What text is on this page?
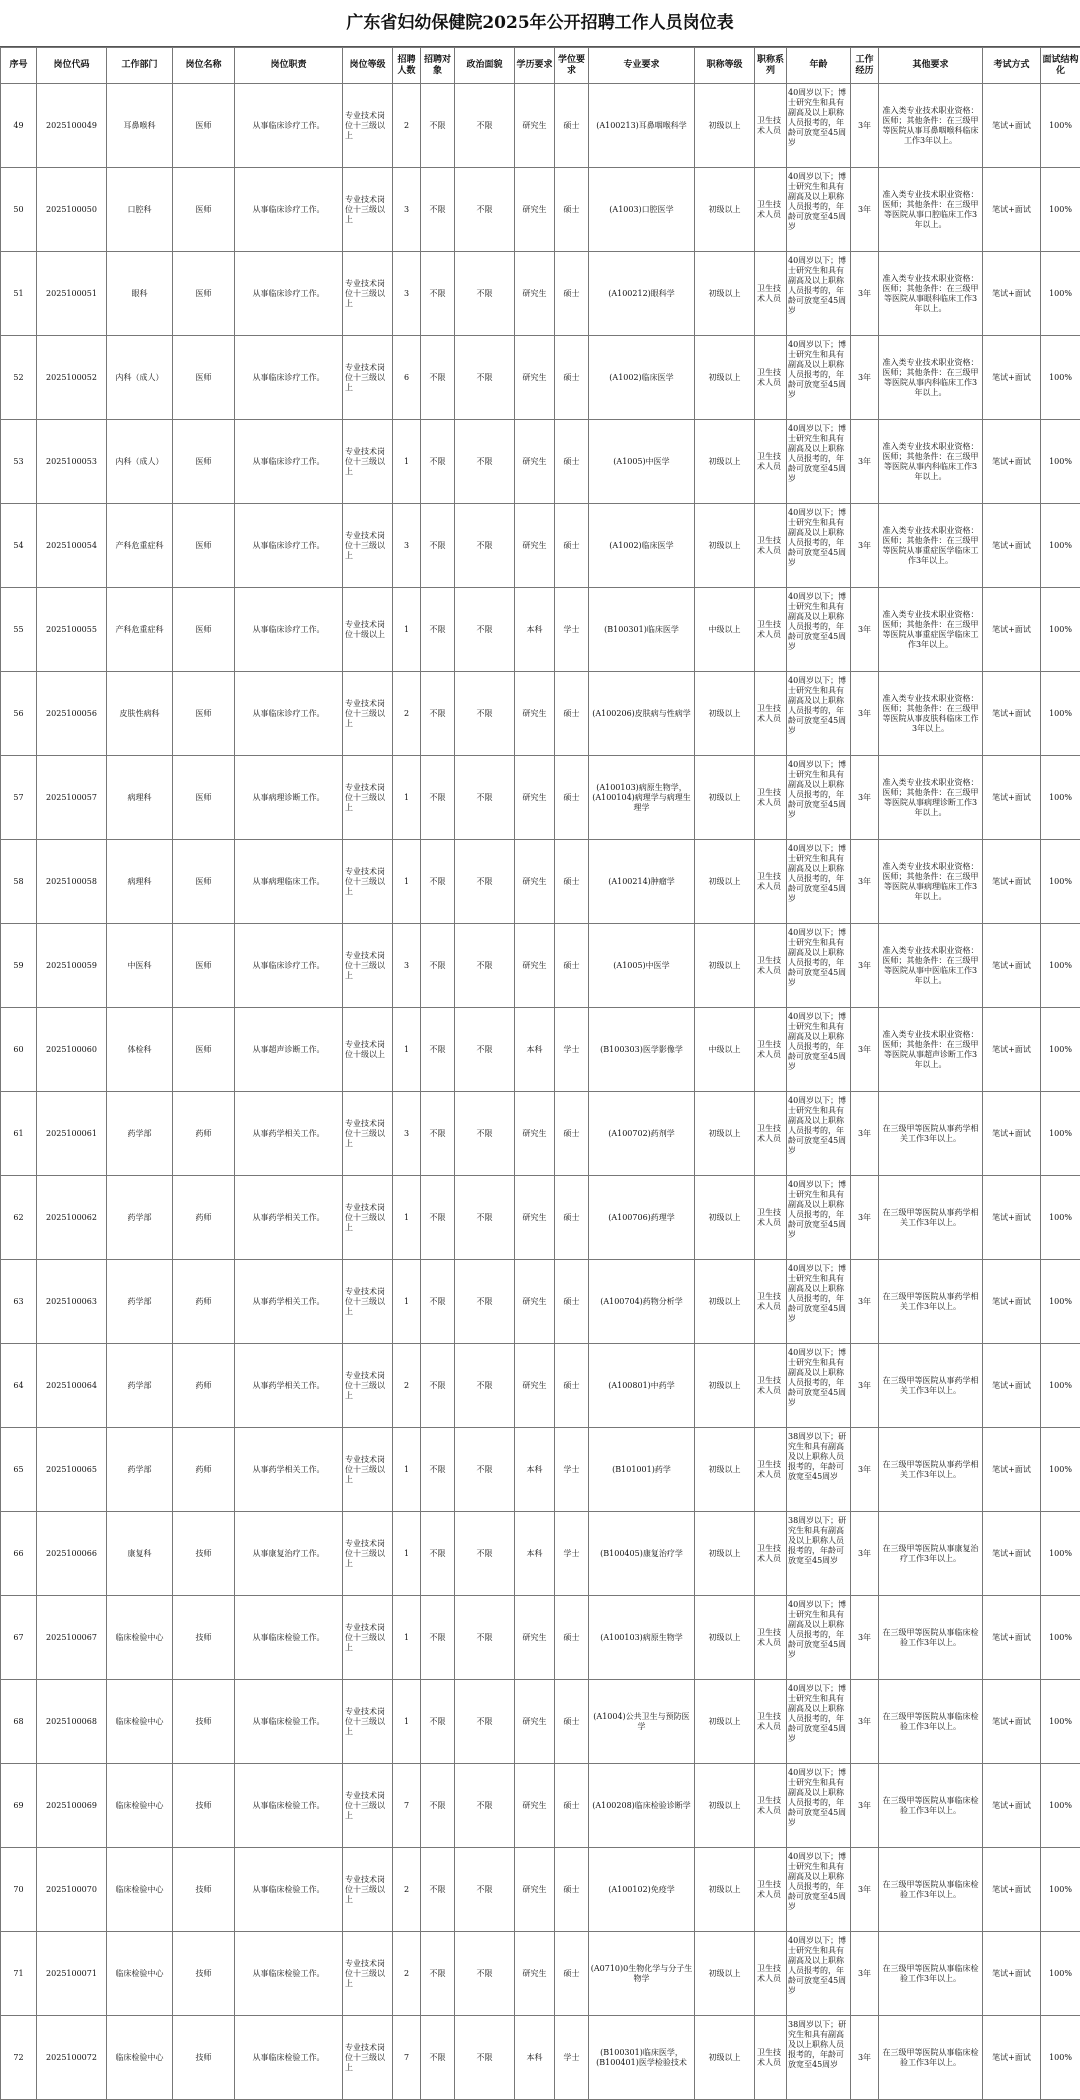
广东省妇幼保健院2025年公开招聘工作人员岗位表
序号	岗位代码	工作部门	岗位名称	岗位职责	岗位等级	招聘人数	招聘对象	政治面貌	学历要求	学位要求	专业要求	职称等级	职称系列	年龄	工作经历	其他要求	考试方式	面试结构化
49	2025100049	耳鼻喉科	医师	从事临床诊疗工作。	专业技术岗位十三级以上	2	不限	不限	研究生	硕士	(A100213)耳鼻咽喉科学	初级以上	卫生技术人员	40周岁以下；博士研究生和具有副高及以上职称人员报考的，年龄可放宽至45周岁	3年	准入类专业技术职业资格：医师；其他条件：在三级甲等医院从事耳鼻咽喉科临床工作3年以上。	笔试+面试	100%
50	2025100050	口腔科	医师	从事临床诊疗工作。	专业技术岗位十三级以上	3	不限	不限	研究生	硕士	(A1003)口腔医学	初级以上	卫生技术人员	40周岁以下；博士研究生和具有副高及以上职称人员报考的，年龄可放宽至45周岁	3年	准入类专业技术职业资格：医师；其他条件：在三级甲等医院从事口腔临床工作3年以上。	笔试+面试	100%
51	2025100051	眼科	医师	从事临床诊疗工作。	专业技术岗位十三级以上	3	不限	不限	研究生	硕士	(A100212)眼科学	初级以上	卫生技术人员	40周岁以下；博士研究生和具有副高及以上职称人员报考的，年龄可放宽至45周岁	3年	准入类专业技术职业资格：医师；其他条件：在三级甲等医院从事眼科临床工作3年以上。	笔试+面试	100%
52	2025100052	内科（成人）	医师	从事临床诊疗工作。	专业技术岗位十三级以上	6	不限	不限	研究生	硕士	(A1002)临床医学	初级以上	卫生技术人员	40周岁以下；博士研究生和具有副高及以上职称人员报考的，年龄可放宽至45周岁	3年	准入类专业技术职业资格：医师；其他条件：在三级甲等医院从事内科临床工作3年以上。	笔试+面试	100%
53	2025100053	内科（成人）	医师	从事临床诊疗工作。	专业技术岗位十三级以上	1	不限	不限	研究生	硕士	(A1005)中医学	初级以上	卫生技术人员	40周岁以下；博士研究生和具有副高及以上职称人员报考的，年龄可放宽至45周岁	3年	准入类专业技术职业资格：医师；其他条件：在三级甲等医院从事内科临床工作3年以上。	笔试+面试	100%
54	2025100054	产科危重症科	医师	从事临床诊疗工作。	专业技术岗位十三级以上	3	不限	不限	研究生	硕士	(A1002)临床医学	初级以上	卫生技术人员	40周岁以下；博士研究生和具有副高及以上职称人员报考的，年龄可放宽至45周岁	3年	准入类专业技术职业资格：医师；其他条件：在三级甲等医院从事重症医学临床工作3年以上。	笔试+面试	100%
55	2025100055	产科危重症科	医师	从事临床诊疗工作。	专业技术岗位十级以上	1	不限	不限	本科	学士	(B100301)临床医学	中级以上	卫生技术人员	40周岁以下；博士研究生和具有副高及以上职称人员报考的，年龄可放宽至45周岁	3年	准入类专业技术职业资格：医师；其他条件：在三级甲等医院从事重症医学临床工作3年以上。	笔试+面试	100%
56	2025100056	皮肤性病科	医师	从事临床诊疗工作。	专业技术岗位十三级以上	2	不限	不限	研究生	硕士	(A100206)皮肤病与性病学	初级以上	卫生技术人员	40周岁以下；博士研究生和具有副高及以上职称人员报考的，年龄可放宽至45周岁	3年	准入类专业技术职业资格：医师；其他条件：在三级甲等医院从事皮肤科临床工作3年以上。	笔试+面试	100%
57	2025100057	病理科	医师	从事病理诊断工作。	专业技术岗位十三级以上	1	不限	不限	研究生	硕士	(A100103)病原生物学，(A100104)病理学与病理生理学	初级以上	卫生技术人员	40周岁以下；博士研究生和具有副高及以上职称人员报考的，年龄可放宽至45周岁	3年	准入类专业技术职业资格：医师；其他条件：在三级甲等医院从事病理诊断工作3年以上。	笔试+面试	100%
58	2025100058	病理科	医师	从事病理临床工作。	专业技术岗位十三级以上	1	不限	不限	研究生	硕士	(A100214)肿瘤学	初级以上	卫生技术人员	40周岁以下；博士研究生和具有副高及以上职称人员报考的，年龄可放宽至45周岁	3年	准入类专业技术职业资格：医师；其他条件：在三级甲等医院从事病理临床工作3年以上。	笔试+面试	100%
59	2025100059	中医科	医师	从事临床诊疗工作。	专业技术岗位十三级以上	3	不限	不限	研究生	硕士	(A1005)中医学	初级以上	卫生技术人员	40周岁以下；博士研究生和具有副高及以上职称人员报考的，年龄可放宽至45周岁	3年	准入类专业技术职业资格：医师；其他条件：在三级甲等医院从事中医临床工作3年以上。	笔试+面试	100%
60	2025100060	体检科	医师	从事超声诊断工作。	专业技术岗位十级以上	1	不限	不限	本科	学士	(B100303)医学影像学	中级以上	卫生技术人员	40周岁以下；博士研究生和具有副高及以上职称人员报考的，年龄可放宽至45周岁	3年	准入类专业技术职业资格：医师；其他条件：在三级甲等医院从事超声诊断工作3年以上。	笔试+面试	100%
61	2025100061	药学部	药师	从事药学相关工作。	专业技术岗位十三级以上	3	不限	不限	研究生	硕士	(A100702)药剂学	初级以上	卫生技术人员	40周岁以下；博士研究生和具有副高及以上职称人员报考的，年龄可放宽至45周岁	3年	在三级甲等医院从事药学相关工作3年以上。	笔试+面试	100%
62	2025100062	药学部	药师	从事药学相关工作。	专业技术岗位十三级以上	1	不限	不限	研究生	硕士	(A100706)药理学	初级以上	卫生技术人员	40周岁以下；博士研究生和具有副高及以上职称人员报考的，年龄可放宽至45周岁	3年	在三级甲等医院从事药学相关工作3年以上。	笔试+面试	100%
63	2025100063	药学部	药师	从事药学相关工作。	专业技术岗位十三级以上	1	不限	不限	研究生	硕士	(A100704)药物分析学	初级以上	卫生技术人员	40周岁以下；博士研究生和具有副高及以上职称人员报考的，年龄可放宽至45周岁	3年	在三级甲等医院从事药学相关工作3年以上。	笔试+面试	100%
64	2025100064	药学部	药师	从事药学相关工作。	专业技术岗位十三级以上	2	不限	不限	研究生	硕士	(A100801)中药学	初级以上	卫生技术人员	40周岁以下；博士研究生和具有副高及以上职称人员报考的，年龄可放宽至45周岁	3年	在三级甲等医院从事药学相关工作3年以上。	笔试+面试	100%
65	2025100065	药学部	药师	从事药学相关工作。	专业技术岗位十三级以上	1	不限	不限	本科	学士	(B101001)药学	初级以上	卫生技术人员	38周岁以下；研究生和具有副高及以上职称人员报考的，年龄可放宽至45周岁	3年	在三级甲等医院从事药学相关工作3年以上。	笔试+面试	100%
66	2025100066	康复科	技师	从事康复治疗工作。	专业技术岗位十三级以上	1	不限	不限	本科	学士	(B100405)康复治疗学	初级以上	卫生技术人员	38周岁以下；研究生和具有副高及以上职称人员报考的，年龄可放宽至45周岁	3年	在三级甲等医院从事康复治疗工作3年以上。	笔试+面试	100%
67	2025100067	临床检验中心	技师	从事临床检验工作。	专业技术岗位十三级以上	1	不限	不限	研究生	硕士	(A100103)病原生物学	初级以上	卫生技术人员	40周岁以下；博士研究生和具有副高及以上职称人员报考的，年龄可放宽至45周岁	3年	在三级甲等医院从事临床检验工作3年以上。	笔试+面试	100%
68	2025100068	临床检验中心	技师	从事临床检验工作。	专业技术岗位十三级以上	1	不限	不限	研究生	硕士	(A1004)公共卫生与预防医学	初级以上	卫生技术人员	40周岁以下；博士研究生和具有副高及以上职称人员报考的，年龄可放宽至45周岁	3年	在三级甲等医院从事临床检验工作3年以上。	笔试+面试	100%
69	2025100069	临床检验中心	技师	从事临床检验工作。	专业技术岗位十三级以上	7	不限	不限	研究生	硕士	(A100208)临床检验诊断学	初级以上	卫生技术人员	40周岁以下；博士研究生和具有副高及以上职称人员报考的，年龄可放宽至45周岁	3年	在三级甲等医院从事临床检验工作3年以上。	笔试+面试	100%
70	2025100070	临床检验中心	技师	从事临床检验工作。	专业技术岗位十三级以上	2	不限	不限	研究生	硕士	(A100102)免疫学	初级以上	卫生技术人员	40周岁以下；博士研究生和具有副高及以上职称人员报考的，年龄可放宽至45周岁	3年	在三级甲等医院从事临床检验工作3年以上。	笔试+面试	100%
71	2025100071	临床检验中心	技师	从事临床检验工作。	专业技术岗位十三级以上	2	不限	不限	研究生	硕士	(A0710)0生物化学与分子生物学	初级以上	卫生技术人员	40周岁以下；博士研究生和具有副高及以上职称人员报考的，年龄可放宽至45周岁	3年	在三级甲等医院从事临床检验工作3年以上。	笔试+面试	100%
72	2025100072	临床检验中心	技师	从事临床检验工作。	专业技术岗位十三级以上	7	不限	不限	本科	学士	(B100301)临床医学，(B100401)医学检验技术	初级以上	卫生技术人员	38周岁以下；研究生和具有副高及以上职称人员报考的，年龄可放宽至45周岁	3年	在三级甲等医院从事临床检验工作3年以上。	笔试+面试	100%
